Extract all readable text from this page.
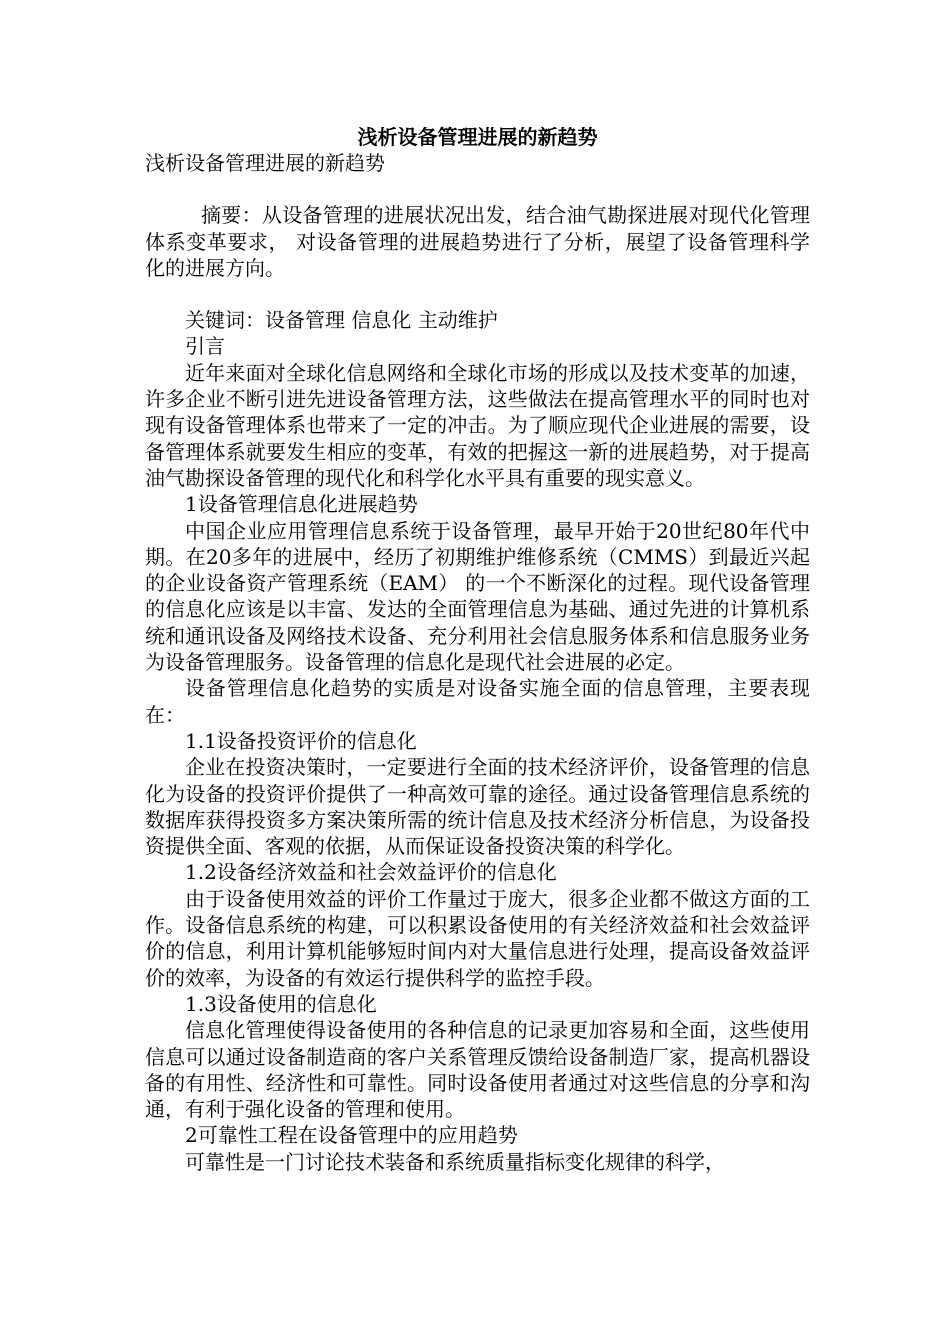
浅析设备管理进展的新趋势

浅析设备管理进展的新趋势

摘要：从设备管理的进展状况出发，结合油气勘探进展对现代化管理体系变革要求， 对设备管理的进展趋势进行了分析，展望了设备管理科学化的进展方向。

关键词：设备管理 信息化 主动维护

引言

近年来面对全球化信息网络和全球化市场的形成以及技术变革的加速，许多企业不断引进先进设备管理方法，这些做法在提高管理水平的同时也对现有设备管理体系也带来了一定的冲击。为了顺应现代企业进展的需要，设备管理体系就要发生相应的变革，有效的把握这一新的进展趋势，对于提高油气勘探设备管理的现代化和科学化水平具有重要的现实意义。

1设备管理信息化进展趋势

中国企业应用管理信息系统于设备管理，最早开始于20世纪80年代中期。在20多年的进展中，经历了初期维护维修系统（CMMS）到最近兴起的企业设备资产管理系统（EAM） 的一个不断深化的过程。现代设备管理的信息化应该是以丰富、发达的全面管理信息为基础、通过先进的计算机系统和通讯设备及网络技术设备、充分利用社会信息服务体系和信息服务业务为设备管理服务。设备管理的信息化是现代社会进展的必定。

设备管理信息化趋势的实质是对设备实施全面的信息管理，主要表现在：

1.1设备投资评价的信息化

企业在投资决策时，一定要进行全面的技术经济评价，设备管理的信息化为设备的投资评价提供了一种高效可靠的途径。通过设备管理信息系统的数据库获得投资多方案决策所需的统计信息及技术经济分析信息，为设备投资提供全面、客观的依据，从而保证设备投资决策的科学化。

1.2设备经济效益和社会效益评价的信息化

由于设备使用效益的评价工作量过于庞大，很多企业都不做这方面的工作。设备信息系统的构建，可以积累设备使用的有关经济效益和社会效益评价的信息，利用计算机能够短时间内对大量信息进行处理，提高设备效益评价的效率，为设备的有效运行提供科学的监控手段。

1.3设备使用的信息化

信息化管理使得设备使用的各种信息的记录更加容易和全面，这些使用信息可以通过设备制造商的客户关系管理反馈给设备制造厂家，提高机器设备的有用性、经济性和可靠性。同时设备使用者通过对这些信息的分享和沟通，有利于强化设备的管理和使用。

2可靠性工程在设备管理中的应用趋势

可靠性是一门讨论技术装备和系统质量指标变化规律的科学，
